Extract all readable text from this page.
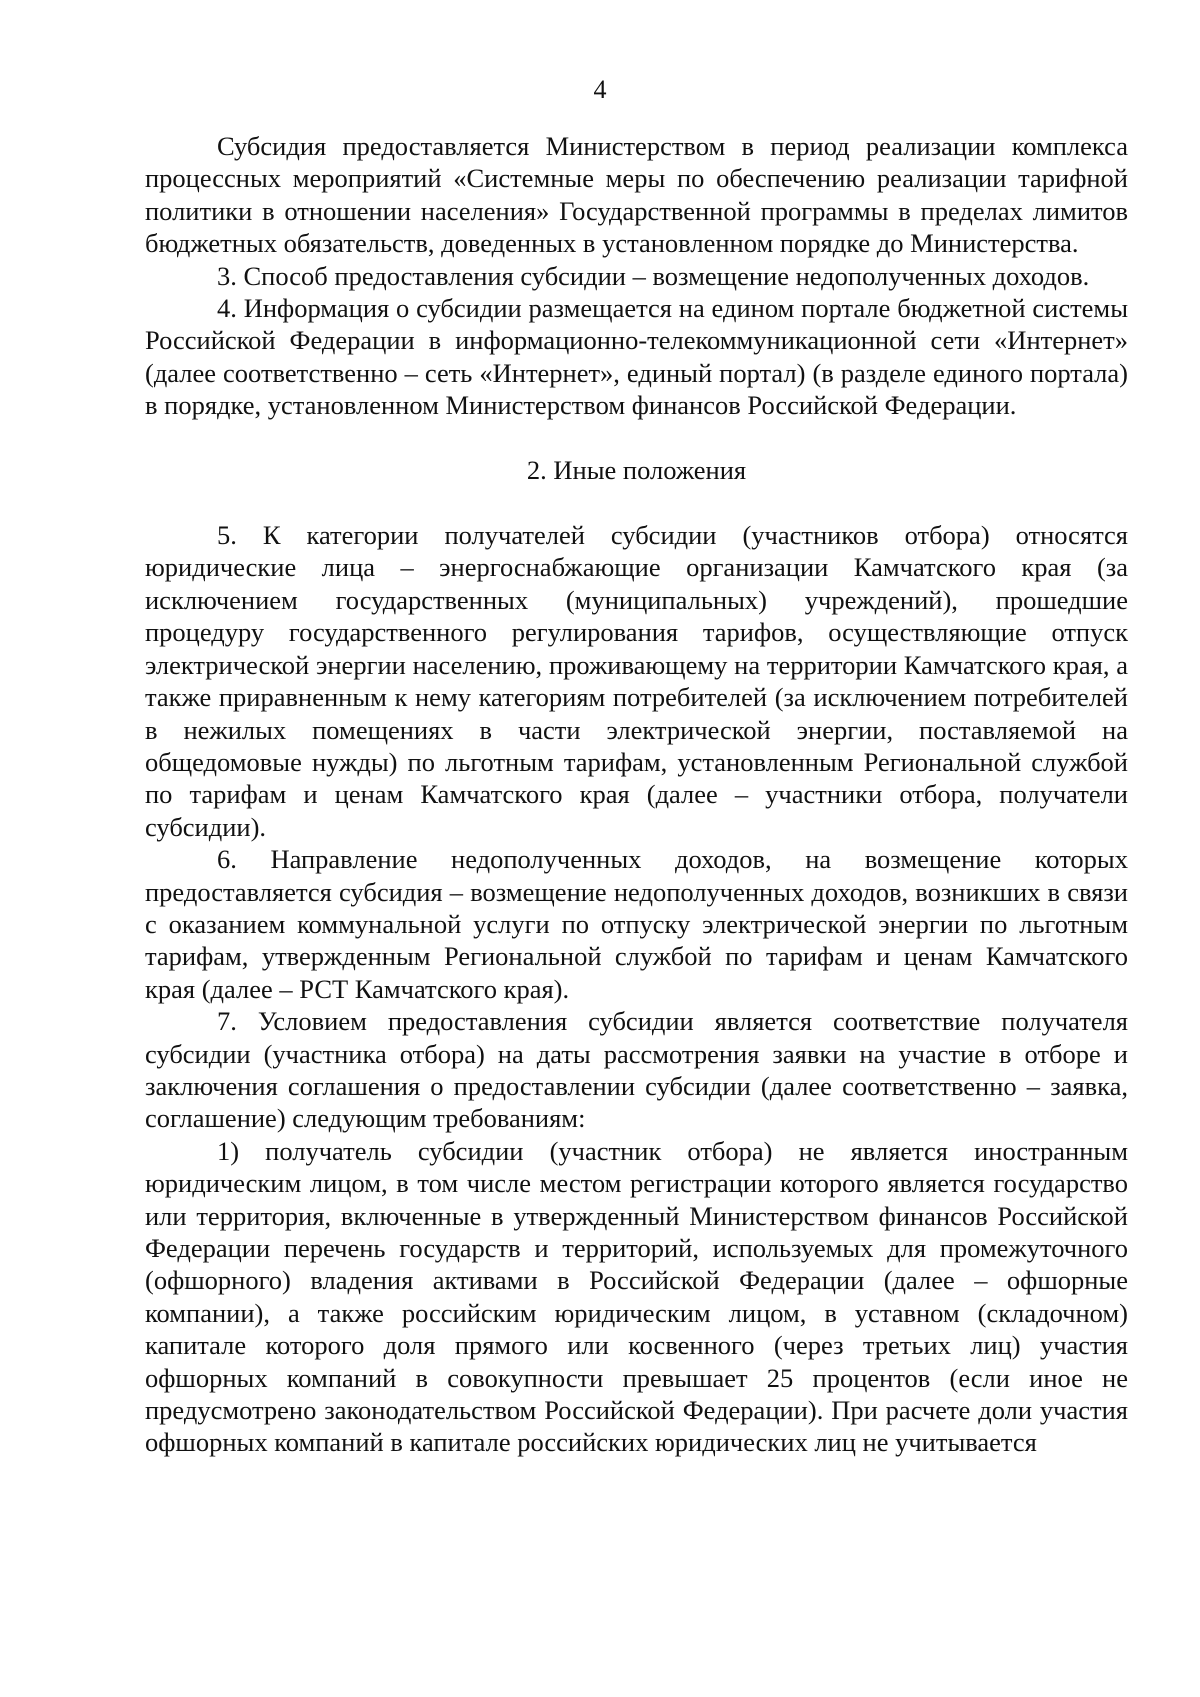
4

Субсидия предоставляется Министерством в период реализации комплекса процессных мероприятий «Системные меры по обеспечению реализации тарифной политики в отношении населения» Государственной программы в пределах лимитов бюджетных обязательств, доведенных в установленном порядке до Министерства.

3. Способ предоставления субсидии – возмещение недополученных доходов.

4. Информация о субсидии размещается на едином портале бюджетной системы Российской Федерации в информационно-телекоммуникационной сети «Интернет» (далее соответственно – сеть «Интернет», единый портал) (в разделе единого портала) в порядке, установленном Министерством финансов Российской Федерации.

2. Иные положения

5. К категории получателей субсидии (участников отбора) относятся юридические лица – энергоснабжающие организации Камчатского края (за исключением государственных (муниципальных) учреждений), прошедшие процедуру государственного регулирования тарифов, осуществляющие отпуск электрической энергии населению, проживающему на территории Камчатского края, а также приравненным к нему категориям потребителей (за исключением потребителей в нежилых помещениях в части электрической энергии, поставляемой на общедомовые нужды) по льготным тарифам, установленным Региональной службой по тарифам и ценам Камчатского края (далее – участники отбора, получатели субсидии).

6. Направление недополученных доходов, на возмещение которых предоставляется субсидия – возмещение недополученных доходов, возникших в связи с оказанием коммунальной услуги по отпуску электрической энергии по льготным тарифам, утвержденным Региональной службой по тарифам и ценам Камчатского края (далее – РСТ Камчатского края).

7. Условием предоставления субсидии является соответствие получателя субсидии (участника отбора) на даты рассмотрения заявки на участие в отборе и заключения соглашения о предоставлении субсидии (далее соответственно – заявка, соглашение) следующим требованиям:

1) получатель субсидии (участник отбора) не является иностранным юридическим лицом, в том числе местом регистрации которого является государство или территория, включенные в утвержденный Министерством финансов Российской Федерации перечень государств и территорий, используемых для промежуточного (офшорного) владения активами в Российской Федерации (далее – офшорные компании), а также российским юридическим лицом, в уставном (складочном) капитале которого доля прямого или косвенного (через третьих лиц) участия офшорных компаний в совокупности превышает 25 процентов (если иное не предусмотрено законодательством Российской Федерации). При расчете доли участия офшорных компаний в капитале российских юридических лиц не учитывается
